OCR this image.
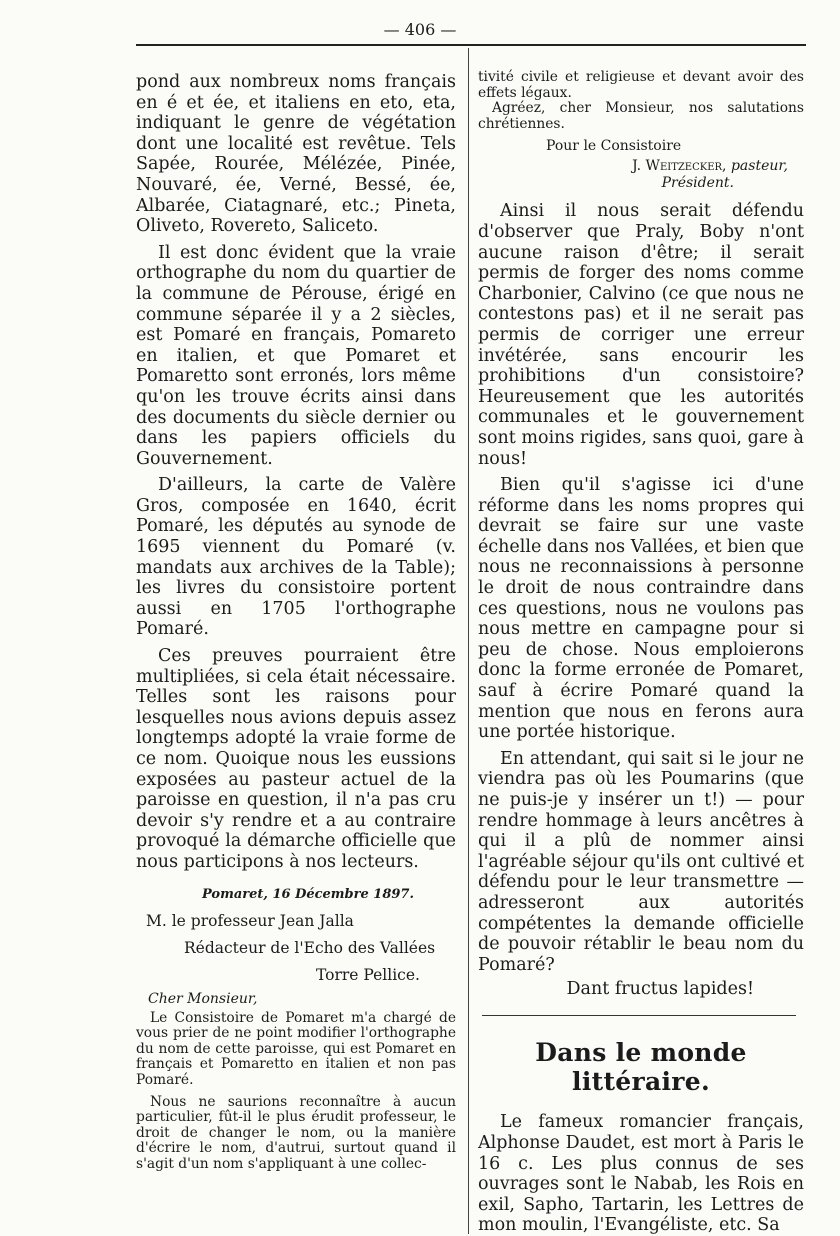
— 406 —

pond aux nombreux noms français en é et ée, et italiens en eto, eta, indiquant le genre de végétation dont une localité est revêtue. Tels Sapée, Rourée, Mélézée, Pinée, Nouvaré, ée, Verné, Bessé, ée, Albarée, Ciatagnaré, etc.; Pineta, Oliveto, Rovereto, Saliceto.

Il est donc évident que la vraie orthographe du nom du quartier de la commune de Pérouse, érigé en commune séparée il y a 2 siècles, est Pomaré en français, Pomareto en italien, et que Pomaret et Pomaretto sont erronés, lors même qu'on les trouve écrits ainsi dans des documents du siècle dernier ou dans les papiers officiels du Gouvernement.

D'ailleurs, la carte de Valère Gros, composée en 1640, écrit Pomaré, les députés au synode de 1695 viennent du Pomaré (v. mandats aux archives de la Table); les livres du consistoire portent aussi en 1705 l'orthographe Pomaré.

Ces preuves pourraient être multipliées, si cela était nécessaire. Telles sont les raisons pour lesquelles nous avions depuis assez longtemps adopté la vraie forme de ce nom. Quoique nous les eussions exposées au pasteur actuel de la paroisse en question, il n'a pas cru devoir s'y rendre et a au contraire provoqué la démarche officielle que nous participons à nos lecteurs.

Pomaret, 16 Décembre 1897.

M. le professeur Jean Jalla

Rédacteur de l'Echo des Vallées

Torre Pellice.

Cher Monsieur,

Le Consistoire de Pomaret m'a chargé de vous prier de ne point modifier l'orthographe du nom de cette paroisse, qui est Pomaret en français et Pomaretto en italien et non pas Pomaré.

Nous ne saurions reconnaître à aucun particulier, fût-il le plus érudit professeur, le droit de changer le nom, ou la manière d'écrire le nom, d'autrui, surtout quand il s'agit d'un nom s'appliquant à une collec-

tivité civile et religieuse et devant avoir des effets légaux.

Agréez, cher Monsieur, nos salutations chrétiennes.

Pour le Consistoire

J. Weitzecker, pasteur,

Président.

Ainsi il nous serait défendu d'observer que Praly, Boby n'ont aucune raison d'être; il serait permis de forger des noms comme Charbonier, Calvino (ce que nous ne contestons pas) et il ne serait pas permis de corriger une erreur invétérée, sans encourir les prohibitions d'un consistoire? Heureusement que les autorités communales et le gouvernement sont moins rigides, sans quoi, gare à nous!

Bien qu'il s'agisse ici d'une réforme dans les noms propres qui devrait se faire sur une vaste échelle dans nos Vallées, et bien que nous ne reconnaissions à personne le droit de nous contraindre dans ces questions, nous ne voulons pas nous mettre en campagne pour si peu de chose. Nous emploierons donc la forme erronée de Pomaret, sauf à écrire Pomaré quand la mention que nous en ferons aura une portée historique.

En attendant, qui sait si le jour ne viendra pas où les Poumarins (que ne puis-je y insérer un t!) — pour rendre hommage à leurs ancêtres à qui il a plû de nommer ainsi l'agréable séjour qu'ils ont cultivé et défendu pour le leur transmettre — adresseront aux autorités compétentes la demande officielle de pouvoir rétablir le beau nom du Pomaré?

Dant fructus lapides!

Dans le monde littéraire.

Le fameux romancier français, Alphonse Daudet, est mort à Paris le 16 c. Les plus connus de ses ouvrages sont le Nabab, les Rois en exil, Sapho, Tartarin, les Lettres de mon moulin, l'Evangéliste, etc. Sa
